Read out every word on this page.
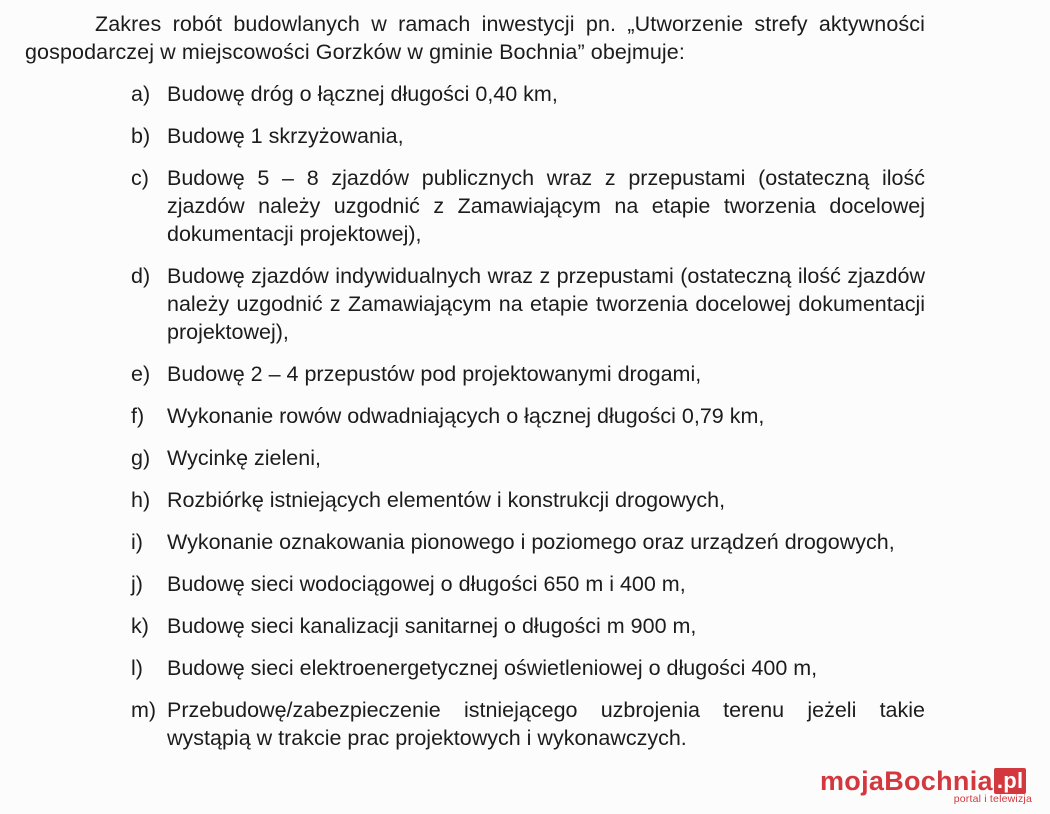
Zakres robót budowlanych w ramach inwestycji pn. „Utworzenie strefy aktywności gospodarczej w miejscowości Gorzków w gminie Bochnia” obejmuje:

a) Budowę dróg o łącznej długości 0,40 km,
b) Budowę 1 skrzyżowania,
c) Budowę 5 – 8 zjazdów publicznych wraz z przepustami (ostateczną ilość zjazdów należy uzgodnić z Zamawiającym na etapie tworzenia docelowej dokumentacji projektowej),
d) Budowę zjazdów indywidualnych wraz z przepustami (ostateczną ilość zjazdów należy uzgodnić z Zamawiającym na etapie tworzenia docelowej dokumentacji projektowej),
e) Budowę 2 – 4 przepustów pod projektowanymi drogami,
f)	Wykonanie rowów odwadniających o łącznej długości 0,79 km,
g) Wycinkę zieleni,
h) Rozbiórkę istniejących elementów i konstrukcji drogowych,
i)	Wykonanie oznakowania pionowego i poziomego oraz urządzeń drogowych,
j)	Budowę sieci wodociągowej o długości 650 m i 400 m,
k) Budowę sieci kanalizacji sanitarnej o długości m 900 m,
l)	Budowę sieci elektroenergetycznej oświetleniowej o długości 400 m,
m) Przebudowę/zabezpieczenie istniejącego uzbrojenia terenu jeżeli takie wystąpią w trakcie prac projektowych i wykonawczych.
mojaBochnia .pl
portal i telewizja
